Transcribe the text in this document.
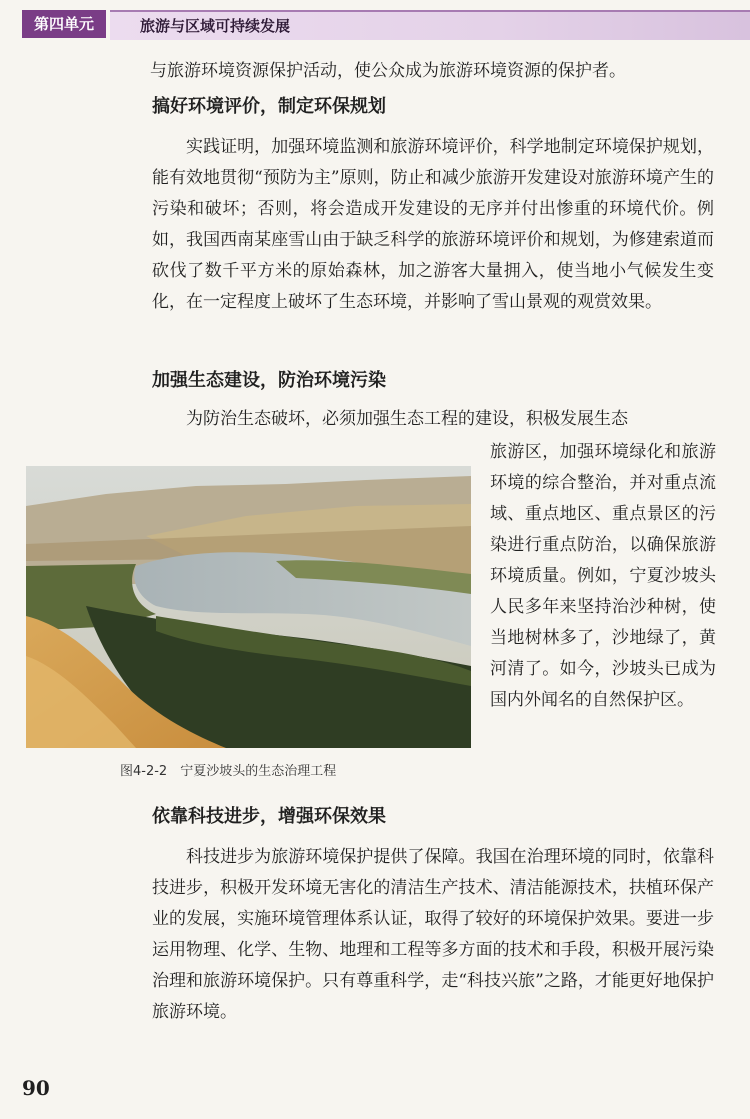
第四单元	旅游与区域可持续发展

与旅游环境资源保护活动，使公众成为旅游环境资源的保护者。

搞好环境评价，制定环保规划

　　实践证明，加强环境监测和旅游环境评价，科学地制定环境保护规划，能有效地贯彻“预防为主”原则，防止和减少旅游开发建设对旅游环境产生的污染和破坏；否则，将会造成开发建设的无序并付出惨重的环境代价。例如，我国西南某座雪山由于缺乏科学的旅游环境评价和规划，为修建索道而砍伐了数千平方米的原始森林，加之游客大量拥入，使当地小气候发生变化，在一定程度上破坏了生态环境，并影响了雪山景观的观赏效果。

加强生态建设，防治环境污染

　　为防治生态破坏，必须加强生态工程的建设，积极发展生态

旅游区，加强环境绿化和旅游环境的综合整治，并对重点流域、重点地区、重点景区的污染进行重点防治，以确保旅游环境质量。例如，宁夏沙坡头人民多年来坚持治沙种树，使当地树林多了，沙地绿了，黄河清了。如今，沙坡头已成为国内外闻名的自然保护区。

图4-2-2　宁夏沙坡头的生态治理工程
依靠科技进步，增强环保效果

　　科技进步为旅游环境保护提供了保障。我国在治理环境的同时，依靠科技进步，积极开发环境无害化的清洁生产技术、清洁能源技术，扶植环保产业的发展，实施环境管理体系认证，取得了较好的环境保护效果。要进一步运用物理、化学、生物、地理和工程等多方面的技术和手段，积极开展污染治理和旅游环境保护。只有尊重科学，走“科技兴旅”之路，才能更好地保护旅游环境。

90
